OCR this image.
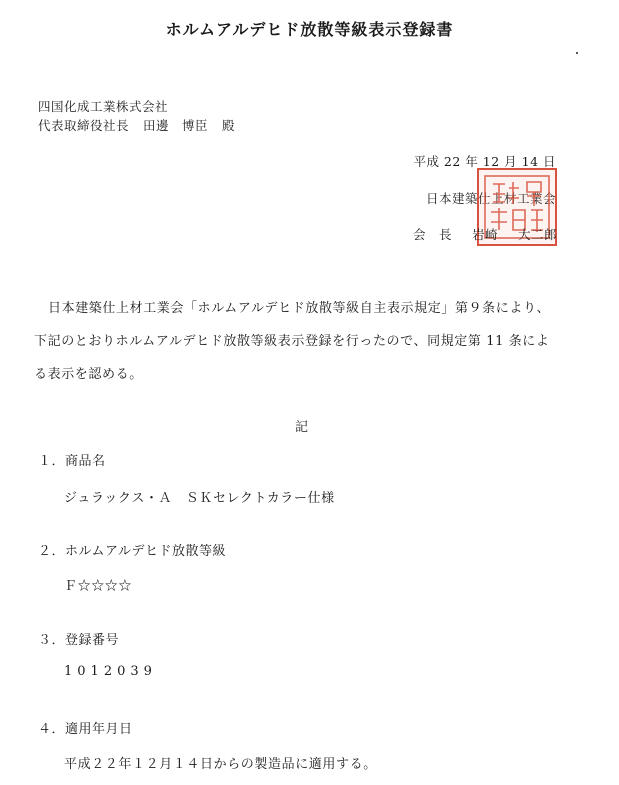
ホルムアルデヒド放散等級表示登録書
四国化成工業株式会社
代表取締役社長 田邊　博臣 殿
平成 22 年 12 月 14 日
日本建築仕上材工業会
会　長 岩崎 大二郎
日本建築仕上材工業会「ホルムアルデヒド放散等級自主表示規定」第９条により、
下記のとおりホルムアルデヒド放散等級表示登録を行ったので、同規定第 11 条によ
る表示を認める。
記
１．商品名
ジュラックス・Ａ　ＳＫセレクトカラー仕様
２．ホルムアルデヒド放散等級
Ｆ☆☆☆☆
３．登録番号
1012039
４．適用年月日
平成２２年１２月１４日からの製造品に適用する。
